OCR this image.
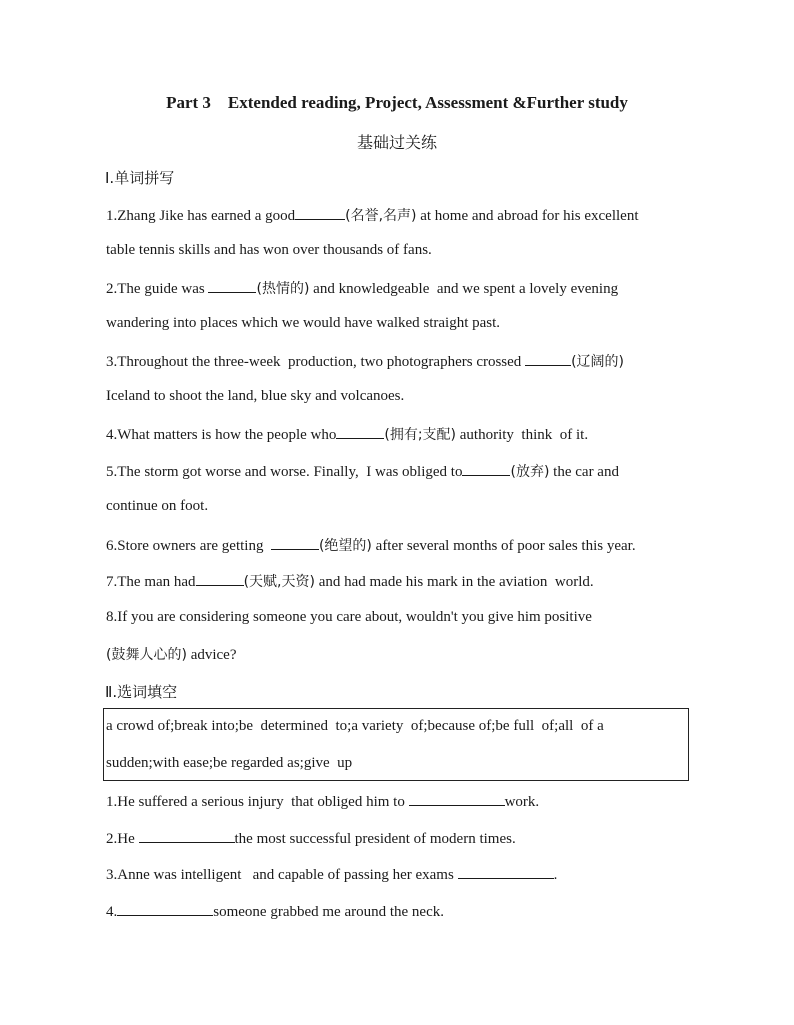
Part 3    Extended reading, Project, Assessment &Further study
基础过关练
Ⅰ.单词拼写
1.Zhang Jike has earned a good	(名誉,名声) at home and abroad for his excellent
table tennis skills and has won over thousands of fans.
2.The guide was	(热情的) and knowledgeable  and we spent a lovely evening
wandering into places which we would have walked straight past.
3.Throughout the three-week  production, two photographers crossed	(辽阔的)
Iceland to shoot the land, blue sky and volcanoes.
4.What matters is how the people who	(拥有;支配) authority  think  of it.
5.The storm got worse and worse. Finally,  I was obliged to	(放弃) the car and
continue on foot.
6.Store owners are getting	(绝望的) after several months of poor sales this year.
7.The man had	(天赋,天资) and had made his mark in the aviation  world.
8.If you are considering someone you care about, wouldn't you give him positive
(鼓舞人心的) advice?
Ⅱ.选词填空
a crowd of;break into;be  determined  to;a variety  of;because of;be full  of;all  of a
sudden;with ease;be regarded as;give  up
1.He suffered a serious injury  that obliged him to	work.
2.He	the most successful president of modern times.
3.Anne was intelligent   and capable of passing her exams	.
4.	someone grabbed me around the neck.
